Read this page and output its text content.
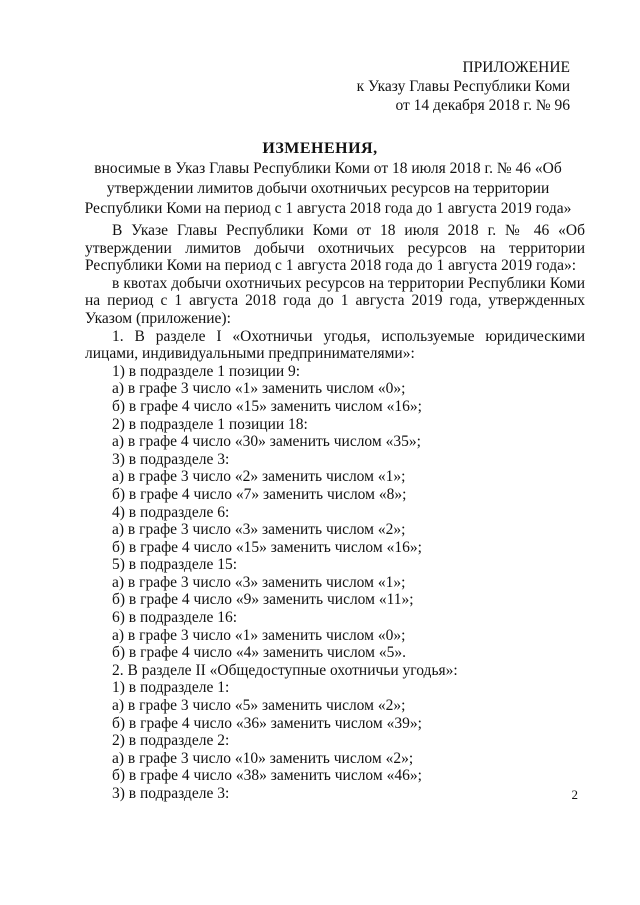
ПРИЛОЖЕНИЕ
к Указу Главы Республики Коми
от 14 декабря 2018 г. № 96
ИЗМЕНЕНИЯ,
вносимые в Указ Главы Республики Коми от 18 июля 2018 г. № 46 «Об
утверждении лимитов добычи охотничьих ресурсов на территории
Республики Коми на период с 1 августа 2018 года до 1 августа 2019 года»
В Указе Главы Республики Коми от 18 июля 2018 г. № 46 «Об утверждении лимитов добычи охотничьих ресурсов на территории Республики Коми на период с 1 августа 2018 года до 1 августа 2019 года»:
в квотах добычи охотничьих ресурсов на территории Республики Коми на период с 1 августа 2018 года до 1 августа 2019 года, утвержденных Указом (приложение):
1. В разделе I «Охотничьи угодья, используемые юридическими лицами, индивидуальными предпринимателями»:
1) в подразделе 1 позиции 9:
а) в графе 3 число «1» заменить числом «0»;
б) в графе 4 число «15» заменить числом «16»;
2) в подразделе 1 позиции 18:
а) в графе 4 число «30» заменить числом «35»;
3) в подразделе 3:
а) в графе 3 число «2» заменить числом «1»;
б) в графе 4 число «7» заменить числом «8»;
4) в подразделе 6:
а) в графе 3 число «3» заменить числом «2»;
б) в графе 4 число «15» заменить числом «16»;
5) в подразделе 15:
а) в графе 3 число «3» заменить числом «1»;
б) в графе 4 число «9» заменить числом «11»;
6) в подразделе 16:
а) в графе 3 число «1» заменить числом «0»;
б) в графе 4 число «4» заменить числом «5».
2. В разделе II «Общедоступные охотничьи угодья»:
1) в подразделе 1:
а) в графе 3 число «5» заменить числом «2»;
б) в графе 4 число «36» заменить числом «39»;
2) в подразделе 2:
а) в графе 3 число «10» заменить числом «2»;
б) в графе 4 число «38» заменить числом «46»;
3) в подразделе 3:	2
